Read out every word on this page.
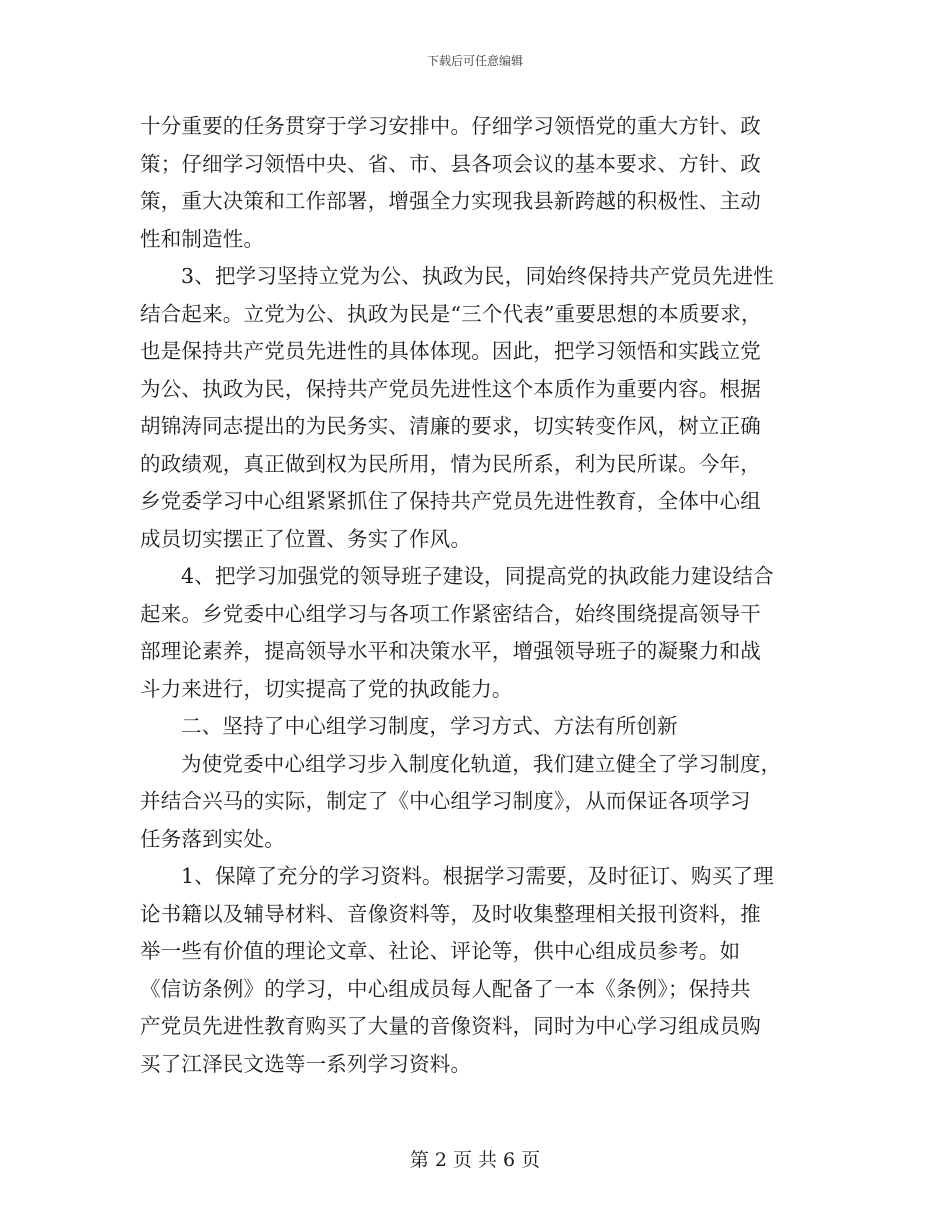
下载后可任意编辑

十分重要的任务贯穿于学习安排中。仔细学习领悟党的重大方针、政
策；仔细学习领悟中央、省、市、县各项会议的基本要求、方针、政
策，重大决策和工作部署，增强全力实现我县新跨越的积极性、主动
性和制造性。

3、把学习坚持立党为公、执政为民，同始终保持共产党员先进性
结合起来。立党为公、执政为民是“三个代表”重要思想的本质要求，
也是保持共产党员先进性的具体体现。因此，把学习领悟和实践立党
为公、执政为民，保持共产党员先进性这个本质作为重要内容。根据
胡锦涛同志提出的为民务实、清廉的要求，切实转变作风，树立正确
的政绩观，真正做到权为民所用，情为民所系，利为民所谋。今年，
乡党委学习中心组紧紧抓住了保持共产党员先进性教育，全体中心组
成员切实摆正了位置、务实了作风。

4、把学习加强党的领导班子建设，同提高党的执政能力建设结合
起来。乡党委中心组学习与各项工作紧密结合，始终围绕提高领导干
部理论素养，提高领导水平和决策水平，增强领导班子的凝聚力和战
斗力来进行，切实提高了党的执政能力。

二、坚持了中心组学习制度，学习方式、方法有所创新

为使党委中心组学习步入制度化轨道，我们建立健全了学习制度，
并结合兴马的实际，制定了《中心组学习制度》，从而保证各项学习
任务落到实处。

1、保障了充分的学习资料。根据学习需要，及时征订、购买了理
论书籍以及辅导材料、音像资料等，及时收集整理相关报刊资料，推
举一些有价值的理论文章、社论、评论等，供中心组成员参考。如
《信访条例》的学习，中心组成员每人配备了一本《条例》；保持共
产党员先进性教育购买了大量的音像资料，同时为中心学习组成员购
买了江泽民文选等一系列学习资料。

第 2 页 共 6 页
